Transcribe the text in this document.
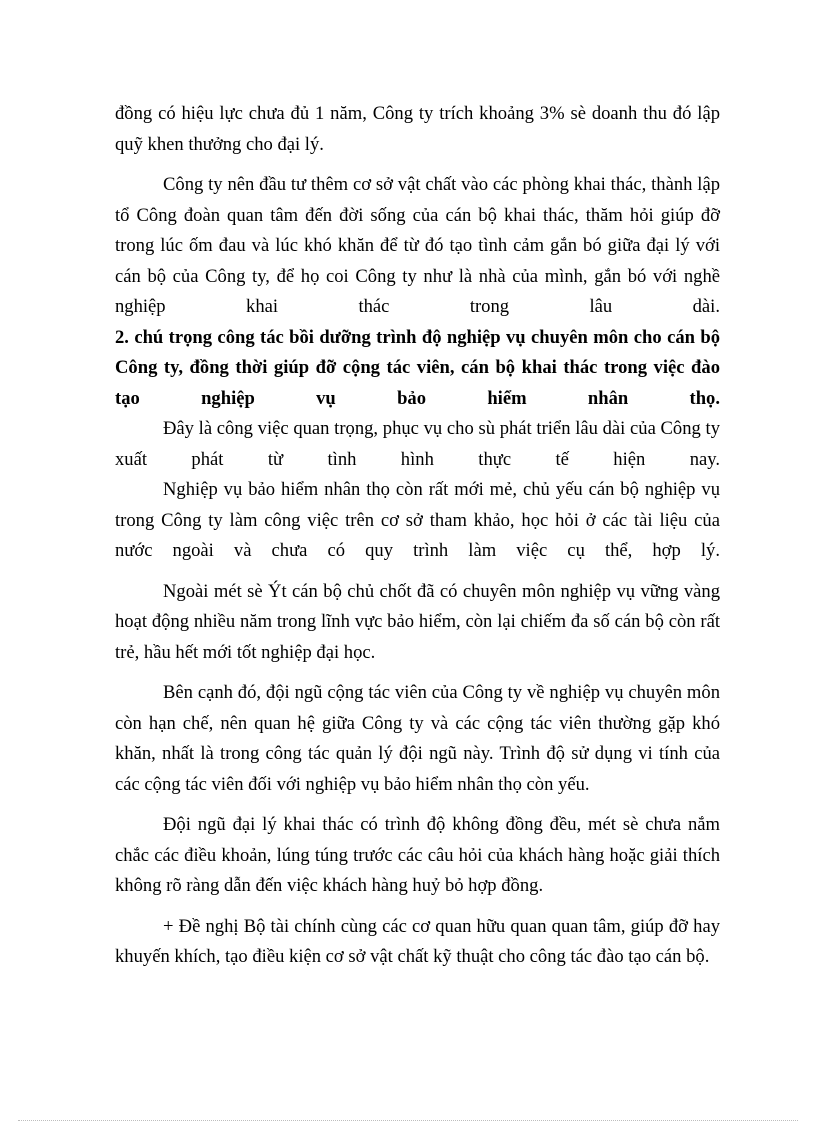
đồng có hiệu lực chưa đủ 1 năm, Công ty trích khoảng 3% sè doanh thu đó lập quỹ khen thưởng cho đại lý.

Công ty nên đầu tư thêm cơ sở vật chất vào các phòng khai thác, thành lập tổ Công đoàn quan tâm đến đời sống của cán bộ khai thác, thăm hỏi giúp đỡ trong lúc ốm đau và lúc khó khăn để từ đó tạo tình cảm gắn bó giữa đại lý với cán bộ của Công ty, để họ coi Công ty như là nhà của mình, gắn bó với nghề nghiệp khai thác trong lâu dài.

2. chú trọng công tác bồi dưỡng trình độ nghiệp vụ chuyên môn cho cán bộ Công ty, đồng thời giúp đỡ cộng tác viên, cán bộ khai thác trong việc đào tạo nghiệp vụ bảo hiểm nhân thọ.

Đây là công việc quan trọng, phục vụ cho sù phát triển lâu dài của Công ty xuất phát từ tình hình thực tế hiện nay.

Nghiệp vụ bảo hiểm nhân thọ còn rất mới mẻ, chủ yếu cán bộ nghiệp vụ trong Công ty làm công việc trên cơ sở tham khảo, học hỏi ở các tài liệu của nước ngoài và chưa có quy trình làm việc cụ thể, hợp lý.

Ngoài mét sè Ýt cán bộ chủ chốt đã có chuyên môn nghiệp vụ vững vàng hoạt động nhiều năm trong lĩnh vực bảo hiểm, còn lại chiếm đa số cán bộ còn rất trẻ, hầu hết mới tốt nghiệp đại học.

Bên cạnh đó, đội ngũ cộng tác viên của Công ty về nghiệp vụ chuyên môn còn hạn chế, nên quan hệ giữa Công ty và các cộng tác viên thường gặp khó khăn, nhất là trong công tác quản lý đội ngũ này. Trình độ sử dụng vi tính của các cộng tác viên đối với nghiệp vụ bảo hiểm nhân thọ còn yếu.

Đội ngũ đại lý khai thác có trình độ không đồng đều, mét sè chưa nắm chắc các điều khoản, lúng túng trước các câu hỏi của khách hàng hoặc giải thích không rõ ràng dẫn đến việc khách hàng huỷ bỏ hợp đồng.

+ Đề nghị Bộ tài chính cùng các cơ quan hữu quan quan tâm, giúp đỡ hay khuyến khích, tạo điều kiện cơ sở vật chất kỹ thuật cho công tác đào tạo cán bộ.
